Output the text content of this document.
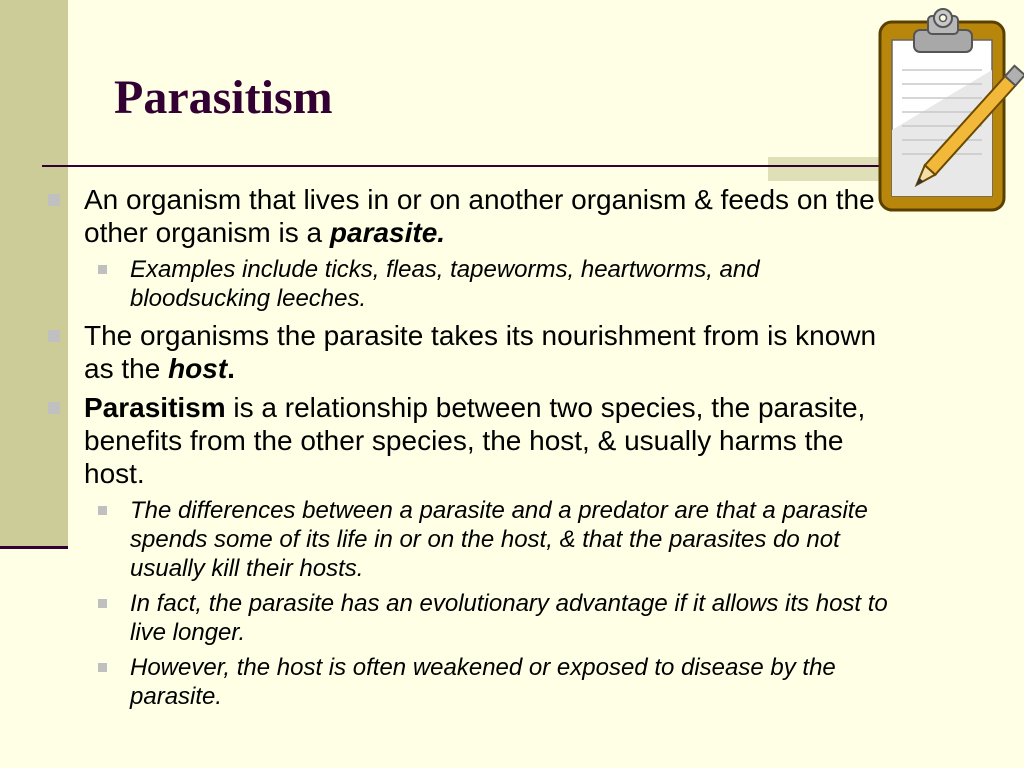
Parasitism
An organism that lives in or on another organism & feeds on the other organism is a parasite.
Examples include ticks, fleas, tapeworms, heartworms, and bloodsucking leeches.
The organisms the parasite takes its nourishment from is known as the host.
Parasitism is a relationship between two species, the parasite, benefits from the other species, the host, & usually harms the host.
The differences between a parasite and a predator are that a parasite spends some of its life in or on the host, & that the parasites do not usually kill their hosts.
In fact, the parasite has an evolutionary advantage if it allows its host to live longer.
However, the host is often weakened or exposed to disease by the parasite.
